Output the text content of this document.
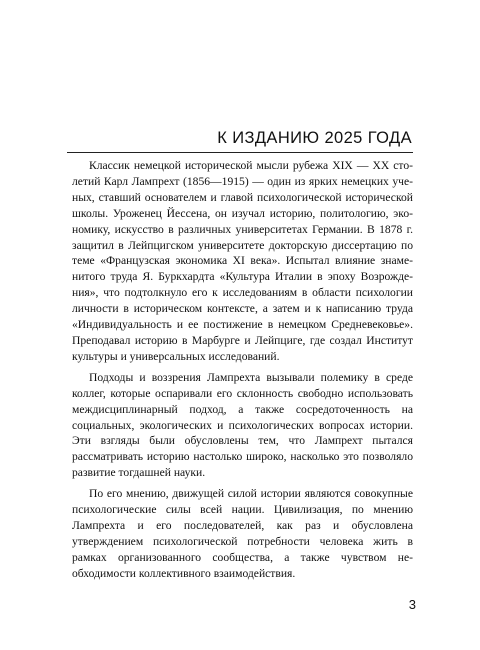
К ИЗДАНИЮ 2025 ГОДА

Классик немецкой исторической мысли рубежа XIX — XX столетий Карл Лампрехт (1856—1915) — один из ярких немецких ученых, ставший основателем и главой психологической исторической школы. Уроженец Йессена, он изучал историю, политологию, экономику, искусство в различных университетах Германии. В 1878 г. защитил в Лейпцигском университете докторскую диссертацию по теме «Французская экономика XI века». Испытал влияние знаменитого труда Я. Буркхардта «Культура Италии в эпоху Возрождения», что подтолкнуло его к исследованиям в области психологии личности в историческом контексте, а затем и к написанию труда «Индивидуальность и ее постижение в немецком Средневековье». Преподавал историю в Марбурге и Лейпциге, где создал Институт культуры и универсальных исследований.

Подходы и воззрения Лампрехта вызывали полемику в среде коллег, которые оспаривали его склонность свободно использовать междисциплинарный подход, а также сосредоточенность на социальных, экологических и психологических вопросах истории. Эти взгляды были обусловлены тем, что Лампрехт пытался рассматривать историю настолько широко, насколько это позволяло развитие тогдашней науки.

По его мнению, движущей силой истории являются совокупные психологические силы всей нации. Цивилизация, по мнению Лампрехта и его последователей, как раз и обусловлена утверждением психологической потребности человека жить в рамках организованного сообщества, а также чувством необходимости коллективного взаимодействия.

3
